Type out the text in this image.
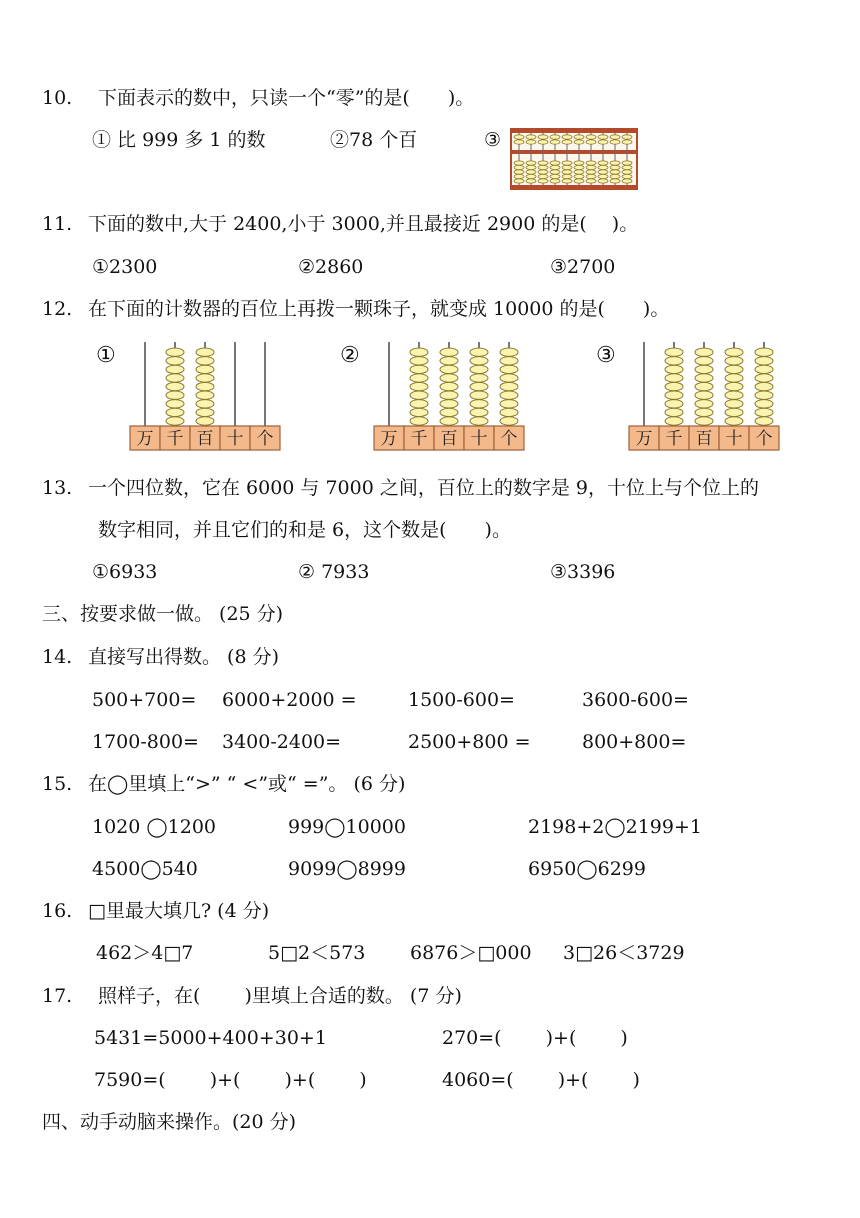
10. 下面表示的数中，只读一个“零”的是(　　)。
① 比 999 多 1 的数	②78 个百	③
11. 下面的数中,大于 2400,小于 3000,并且最接近 2900 的是(　 )。
①2300	②2860	③2700
12. 在下面的计数器的百位上再拨一颗珠子，就变成 10000 的是(　　)。
①
万 千 百 十 个
②
万 千 百 十 个
③
万 千 百 十 个
13. 一个四位数，它在 6000 与 7000 之间，百位上的数字是 9，十位上与个位上的
数字相同，并且它们的和是 6，这个数是(　　)。
①6933	② 7933	③3396
三、按要求做一做。 (25 分)
14. 直接写出得数。 (8 分)
500+700= 6000+2000 =	1500-600=	3600-600=
1700-800= 3400-2400=	2500+800 =	800+800=
15. 在◯里填上“>” “ <”或“ =”。 (6 分)
1020 ◯1200	999◯10000	2198+2◯2199+1
4500◯540	9099◯8999	6950◯6299
16. □里最大填几? (4 分)
462＞4□7	5□2＜573 6876＞□000 3□26＜3729
17. 照样子，在(　　 )里填上合适的数。 (7 分)
5431=5000+400+30+1	270=(　　 )+(　　 )
7590=(　　 )+(　　 )+(　　 )	4060=(　　 )+(　　 )
四、动手动脑来操作。(20 分)
